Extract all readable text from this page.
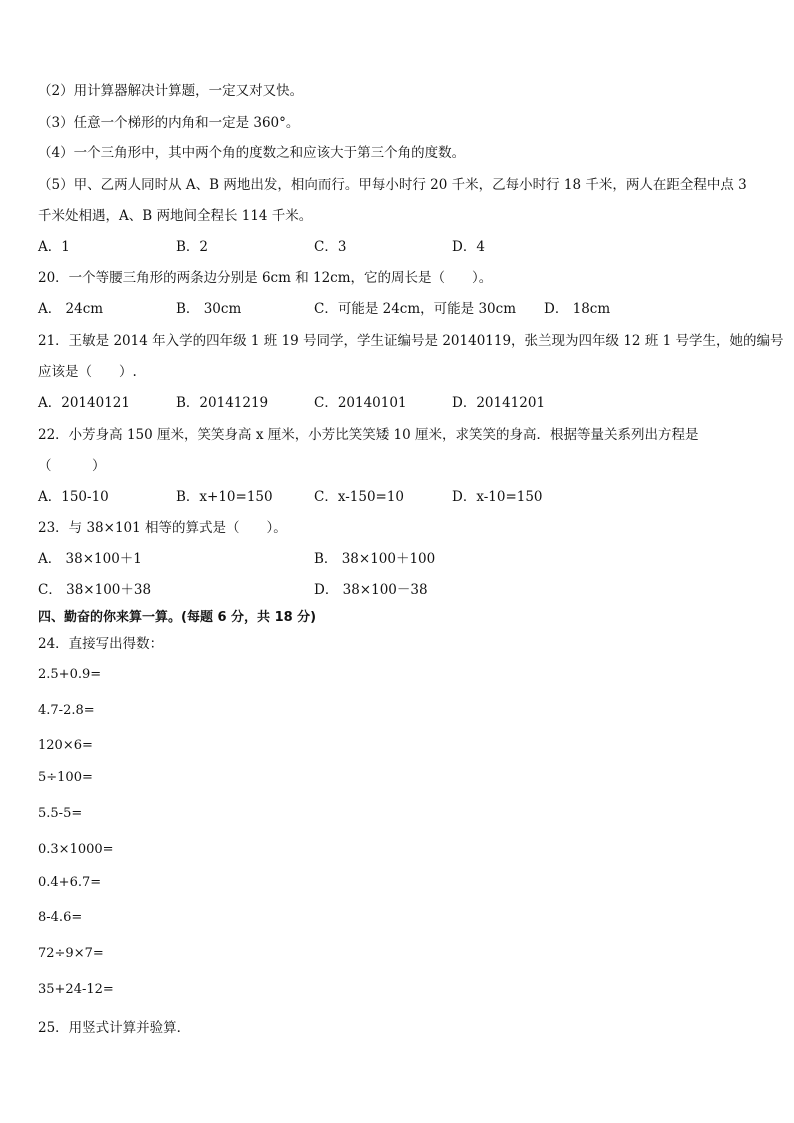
（2）用计算器解决计算题，一定又对又快。
（3）任意一个梯形的内角和一定是 360°。
（4）一个三角形中，其中两个角的度数之和应该大于第三个角的度数。
（5）甲、乙两人同时从 A、B 两地出发，相向而行。甲每小时行 20 千米，乙每小时行 18 千米，两人在距全程中点 3
千米处相遇，A、B 两地间全程长 114 千米。
A．1	B．2	C．3	D．4
20．一个等腰三角形的两条边分别是 6cm 和 12cm，它的周长是（　　）。
A． 24cm	B． 30cm	C．可能是 24cm，可能是 30cm D． 18cm
21．王敏是 2014 年入学的四年级 1 班 19 号同学，学生证编号是 20140119，张兰现为四年级 12 班 1 号学生，她的编号
应该是（　　）.
A．20140121	B．20141219	C．20140101	D．20141201
22．小芳身高 150 厘米，笑笑身高 x 厘米，小芳比笑笑矮 10 厘米，求笑笑的身高．根据等量关系列出方程是
（　　　）
A．150-10	B．x+10=150	C．x-150=10	D．x-10=150
23．与 38×101 相等的算式是（　　）。
A． 38×100＋1	B． 38×100＋100
C． 38×100＋38	D． 38×100－38
四、勤奋的你来算一算。(每题 6 分，共 18 分)
24．直接写出得数：
2.5+0.9=
4.7-2.8=
120×6=
5÷100=
5.5-5=
0.3×1000=
0.4+6.7=
8-4.6=
72÷9×7=
35+24-12=
25．用竖式计算并验算．
